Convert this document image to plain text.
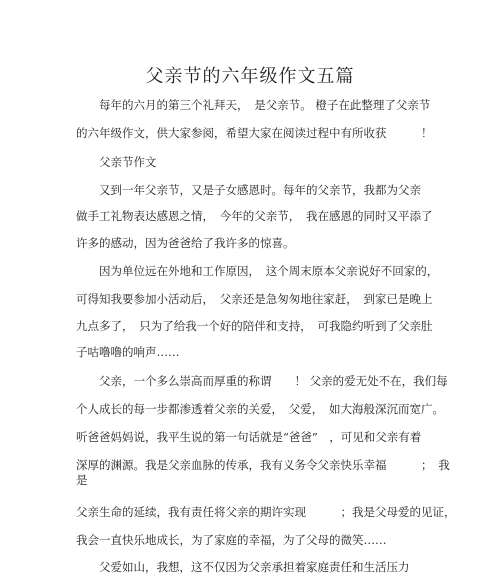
父亲节的六年级作文五篇
每年的六月的第三个礼拜天，　是父亲节。 橙子在此整理了父亲节
的六年级作文，供大家参阅，希望大家在阅读过程中有所收获　　　！
父亲节作文
又到一年父亲节，又是子女感恩时。每年的父亲节，我都为父亲
做手工礼物表达感恩之情，　今年的父亲节，　我在感恩的同时又平添了
许多的感动，因为爸爸给了我许多的惊喜。
因为单位远在外地和工作原因，　这个周末原本父亲说好不回家的，
可得知我要参加小活动后，　父亲还是急匆匆地往家赶，　到家已是晚上
九点多了，　只为了给我一个好的陪伴和支持，　可我隐约听到了父亲肚
子咕噜噜的响声……
父亲，一个多么崇高而厚重的称谓　　！ 父亲的爱无处不在，我们每
个人成长的每一步都渗透着父亲的关爱，　父爱，　如大海般深沉而宽广。
听爸爸妈妈说，我平生说的第一句话就是“爸爸”　，可见和父亲有着
深厚的渊源。我是父亲血脉的传承，我有义务令父亲快乐幸福　　　；　我
是
父亲生命的延续，我有责任将父亲的期许实现　　　；我是父母爱的见证，
我会一直快乐地成长，为了家庭的幸福，为了父母的微笑……
父爱如山，我想，这不仅因为父亲承担着家庭责任和生活压力
